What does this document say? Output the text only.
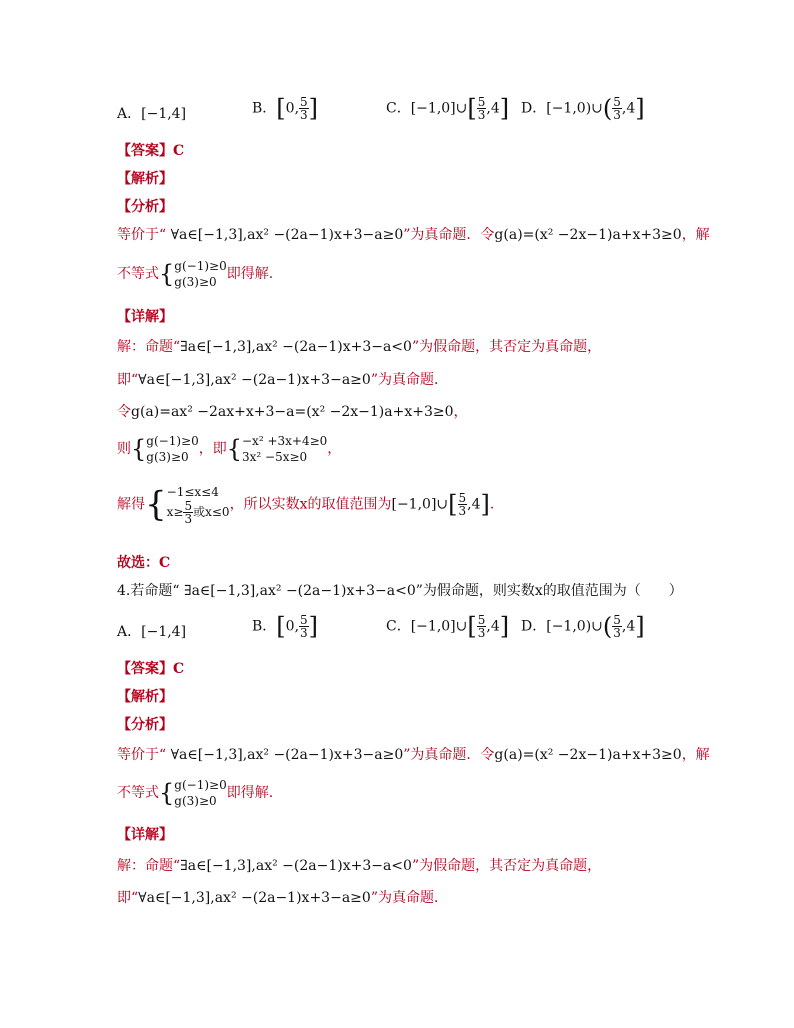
A．[−1,4]	B．[0, $\frac{5}{3}$ ]	C．[−1,0]∪[ $\frac{5}{3} ,4$] D．[−1,0)∪( $\frac{5}{3} ,4$]
【答案】C
【解析】
【分析】
等价于“ ∀a∈[−1,3],ax² −(2a−1)x+3−a≥0”为真命题．令g(a)=(x² −2x−1)a+x+3≥0，解
不等式{ g(−1)≥0
g(3)≥0 即得解.
【详解】
解：命题“∃a∈[−1,3],ax² −(2a−1)x+3−a<0”为假命题，其否定为真命题，
即“∀a∈[−1,3],ax² −(2a−1)x+3−a≥0”为真命题．
令g(a)=ax² −2ax+x+3−a=(x² −2x−1)a+x+3≥0，
则{ g(−1)≥0
g(3)≥0 ，即{ −x² +3x+4≥0
3x² −5x≥0	，
解得{ −1≤x≤4
$x\ge \frac{5}{3}$ 或x≤0 ，所以实数x的取值范围为[−1,0]∪[ $\frac{5}{3} ,4$].
故选：C
4.若命题“ ∃a∈[−1,3],ax² −(2a−1)x+3−a<0”为假命题，则实数x的取值范围为（　　）
A．[−1,4]	B．[0, $\frac{5}{3}$ ]	C．[−1,0]∪[ $\frac{5}{3} ,4$] D．[−1,0)∪( $\frac{5}{3} ,4$]
【答案】C
【解析】
【分析】
等价于“ ∀a∈[−1,3],ax² −(2a−1)x+3−a≥0”为真命题．令g(a)=(x² −2x−1)a+x+3≥0，解
不等式{ g(−1)≥0
g(3)≥0 即得解.
【详解】
解：命题“∃a∈[−1,3],ax² −(2a−1)x+3−a<0”为假命题，其否定为真命题，
即“∀a∈[−1,3],ax² −(2a−1)x+3−a≥0”为真命题．
